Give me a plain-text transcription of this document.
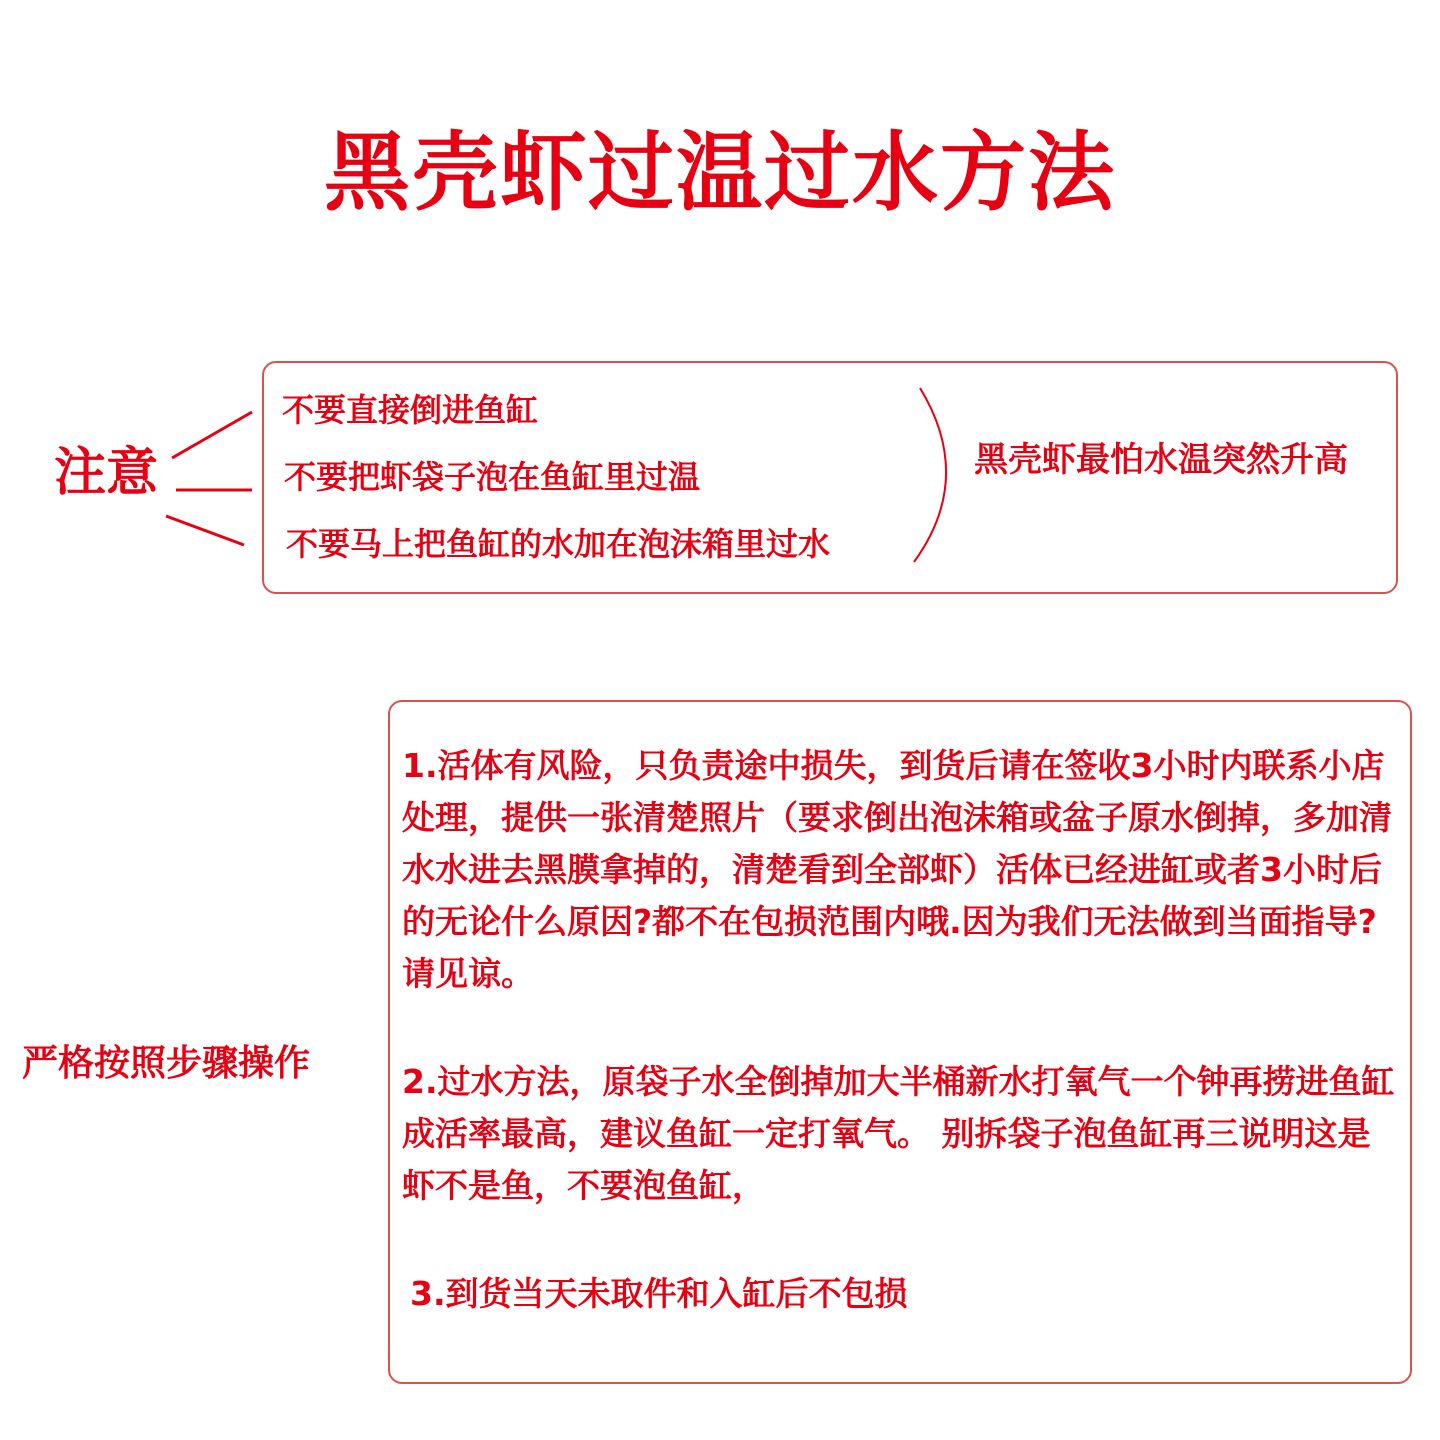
黑壳虾过温过水方法
注意
不要直接倒进鱼缸
不要把虾袋子泡在鱼缸里过温
不要马上把鱼缸的水加在泡沫箱里过水
黑壳虾最怕水温突然升高
严格按照步骤操作
1.活体有风险，只负责途中损失，到货后请在签收3小时内联系小店处理，提供一张清楚照片（要求倒出泡沫箱或盆子原水倒掉，多加清水水进去黑膜拿掉的，清楚看到全部虾）活体已经进缸或者3小时后的无论什么原因?都不在包损范围内哦.因为我们无法做到当面指导?请见谅。
2.过水方法，原袋子水全倒掉加大半桶新水打氧气一个钟再捞进鱼缸成活率最高，建议鱼缸一定打氧气。 别拆袋子泡鱼缸再三说明这是虾不是鱼，不要泡鱼缸，
3.到货当天未取件和入缸后不包损
